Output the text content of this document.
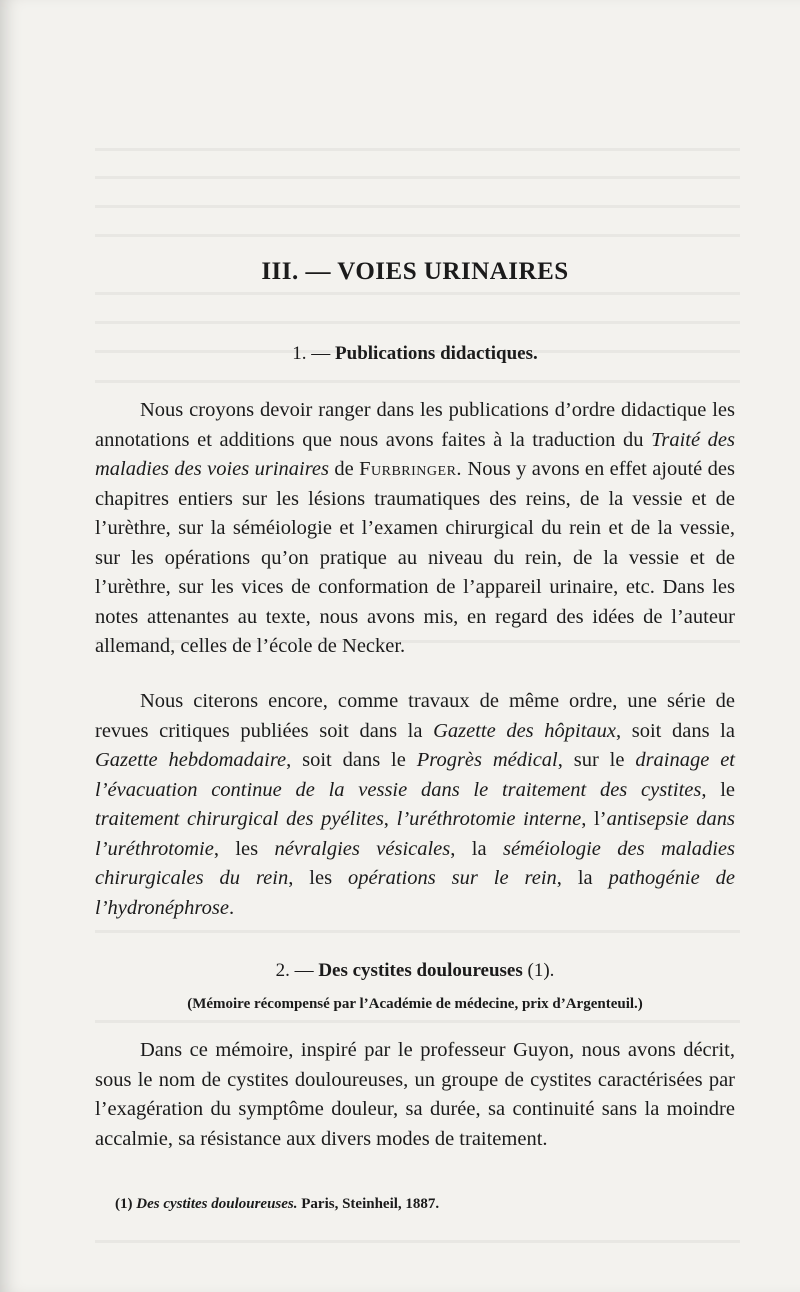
III. — VOIES URINAIRES
1. — Publications didactiques.

Nous croyons devoir ranger dans les publications d’ordre didactique les annotations et additions que nous avons faites à la traduction du Traité des maladies des voies urinaires de Furbringer. Nous y avons en effet ajouté des chapitres entiers sur les lésions traumatiques des reins, de la vessie et de l’urèthre, sur la séméiologie et l’examen chirurgical du rein et de la vessie, sur les opérations qu’on pratique au niveau du rein, de la vessie et de l’urèthre, sur les vices de conformation de l’appareil urinaire, etc. Dans les notes attenantes au texte, nous avons mis, en regard des idées de l’auteur allemand, celles de l’école de Necker.

Nous citerons encore, comme travaux de même ordre, une série de revues critiques publiées soit dans la Gazette des hôpitaux, soit dans la Gazette hebdomadaire, soit dans le Progrès médical, sur le drainage et l’évacuation continue de la vessie dans le traitement des cystites, le traitement chirurgical des pyélites, l’uréthrotomie interne, l’antisepsie dans l’uréthrotomie, les névralgies vésicales, la séméiologie des maladies chirurgicales du rein, les opérations sur le rein, la pathogénie de l’hydronéphrose.

2. — Des cystites douloureuses (1).
(Mémoire récompensé par l’Académie de médecine, prix d’Argenteuil.)

Dans ce mémoire, inspiré par le professeur Guyon, nous avons décrit, sous le nom de cystites douloureuses, un groupe de cystites caractérisées par l’exagération du symptôme douleur, sa durée, sa continuité sans la moindre accalmie, sa résistance aux divers modes de traitement.

(1) Des cystites douloureuses. Paris, Steinheil, 1887.
